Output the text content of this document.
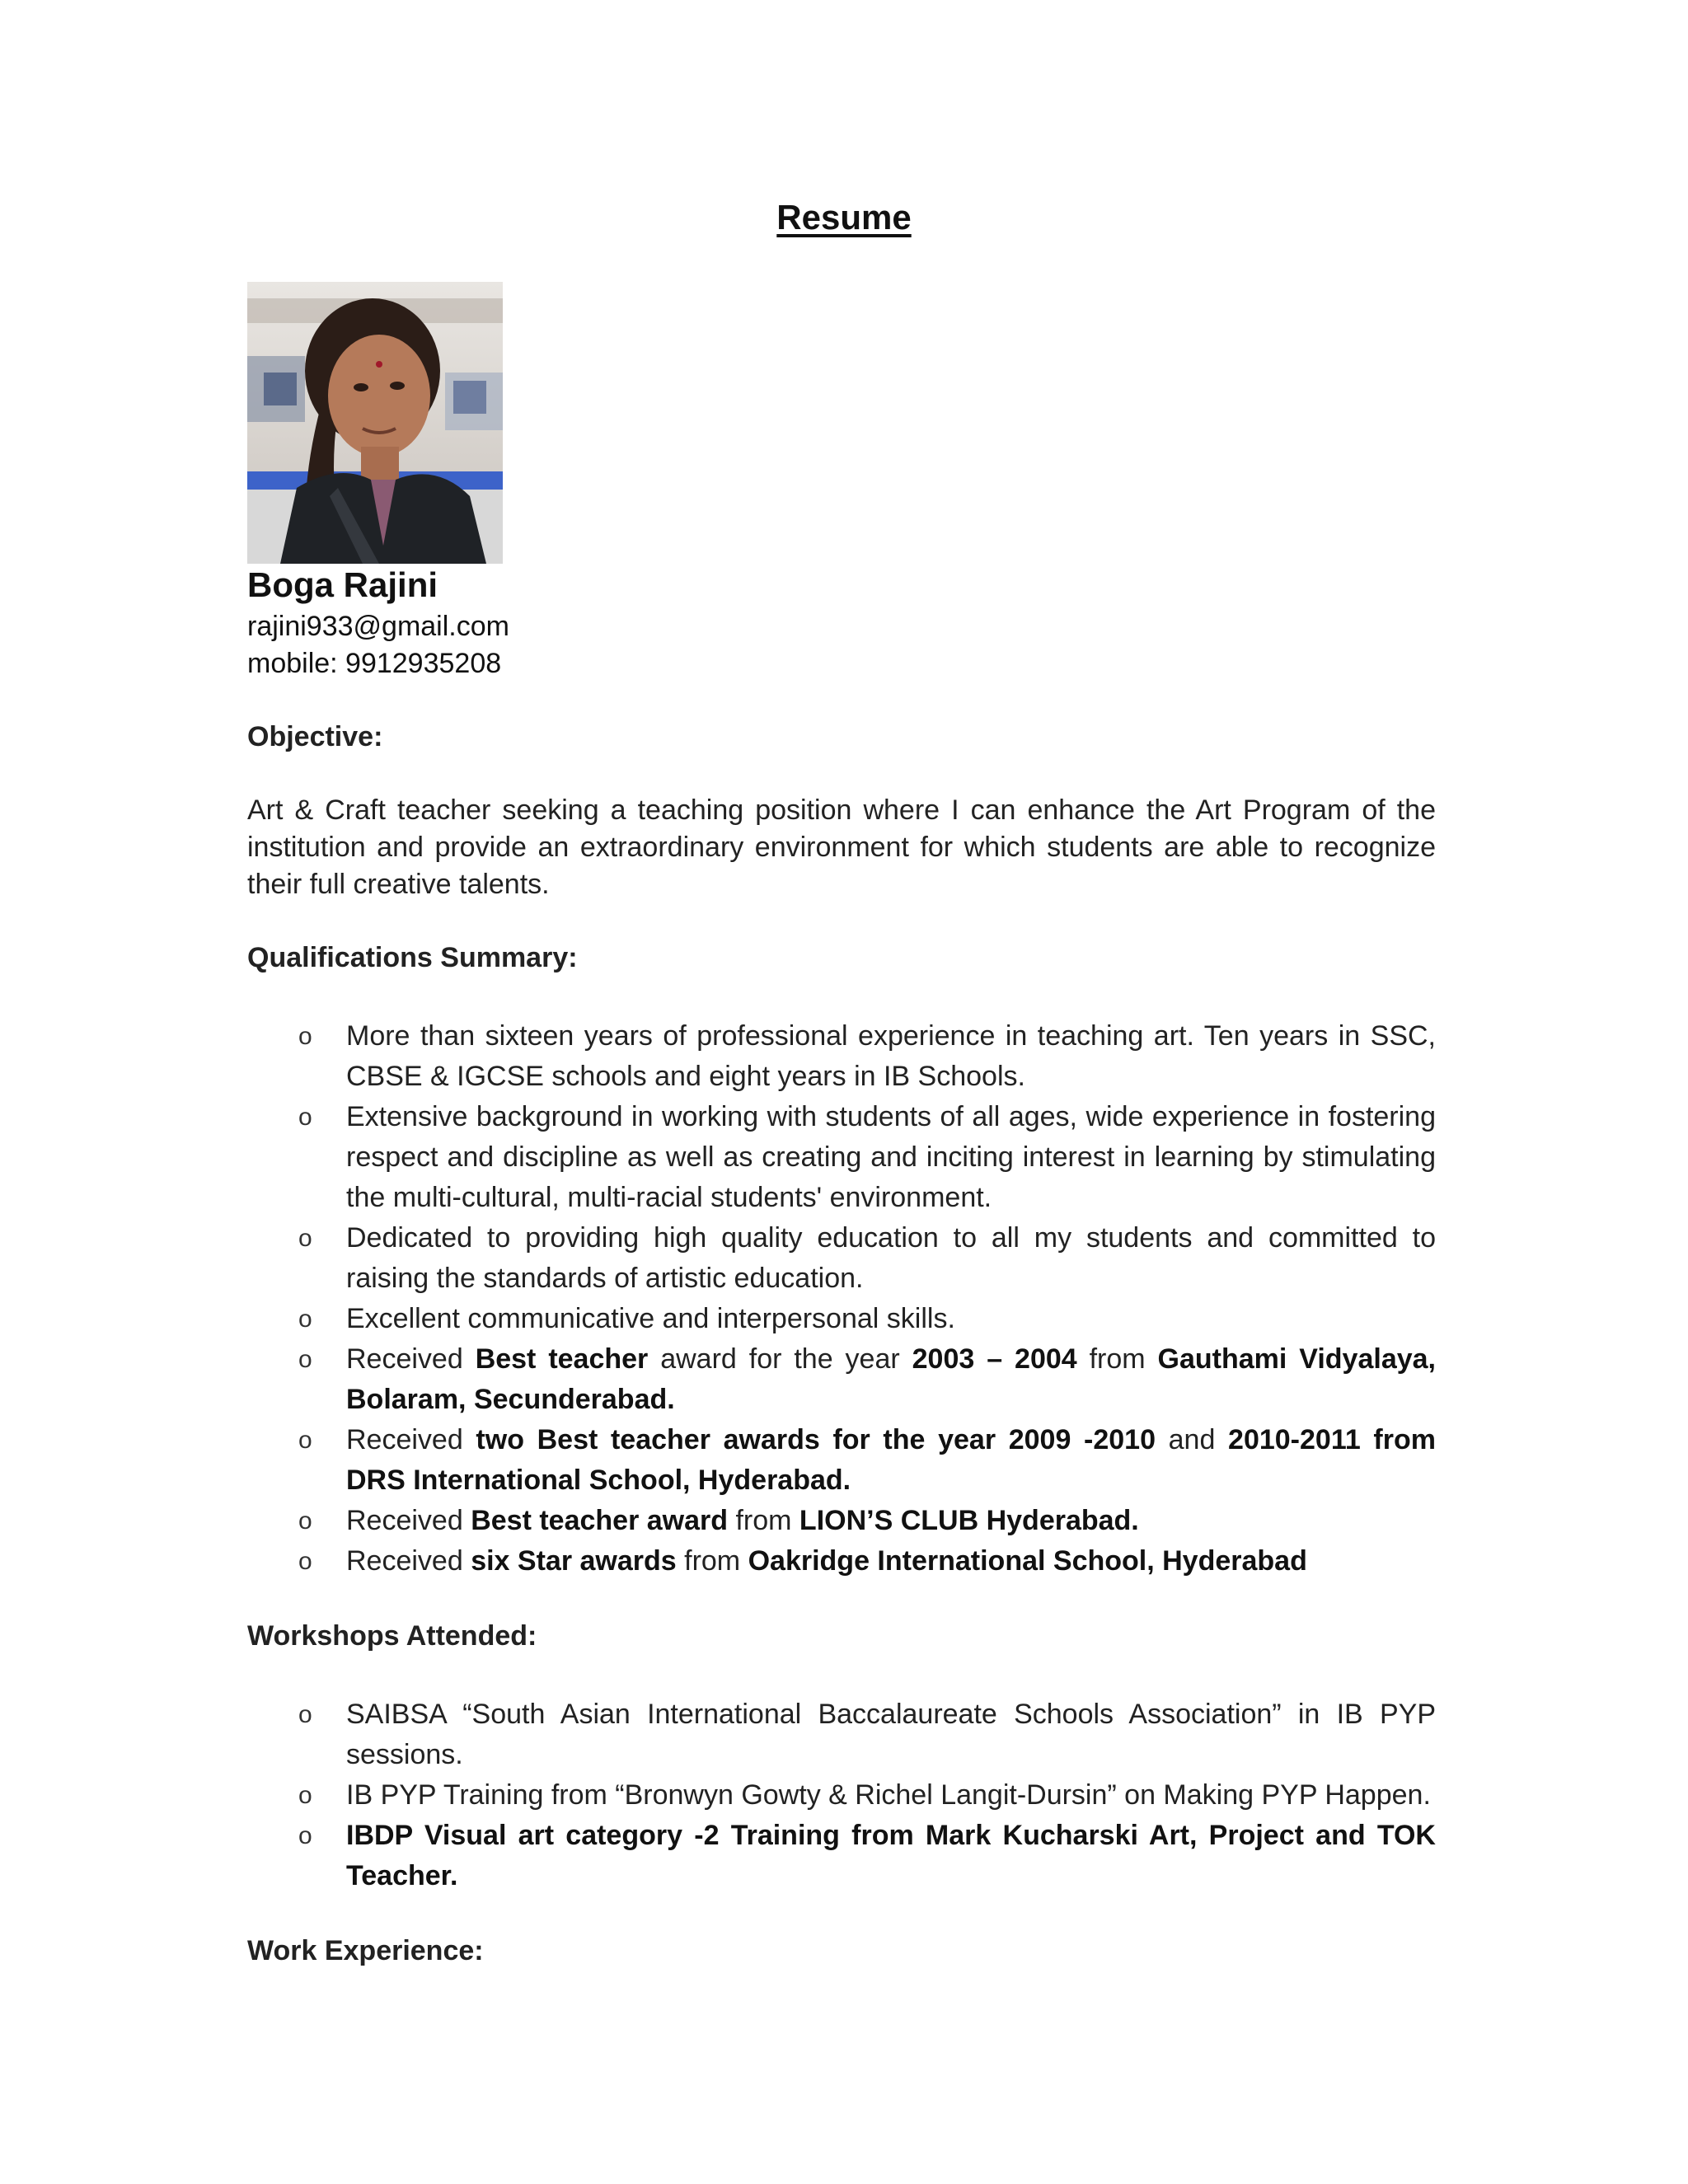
Resume
Boga Rajini
rajini933@gmail.com
mobile: 9912935208
Objective:
Art & Craft teacher seeking a teaching position where I can enhance the Art Program of the institution and provide an extraordinary environment for which students are able to recognize their full creative talents.
Qualifications Summary:
o More than sixteen years of professional experience in teaching art. Ten years in SSC, CBSE & IGCSE schools and eight years in IB Schools.
o Extensive background in working with students of all ages, wide experience in fostering respect and discipline as well as creating and inciting interest in learning by stimulating the multi-cultural, multi-racial students' environment.
o Dedicated to providing high quality education to all my students and committed to raising the standards of artistic education.
o Excellent communicative and interpersonal skills.
o Received Best teacher award for the year 2003 – 2004 from Gauthami Vidyalaya, Bolaram, Secunderabad.
o Received two Best teacher awards for the year 2009 -2010 and 2010-2011 from DRS International School, Hyderabad.
o Received Best teacher award from LION’S CLUB Hyderabad.
o Received six Star awards from Oakridge International School, Hyderabad
Workshops Attended:
o SAIBSA “South Asian International Baccalaureate Schools Association” in IB PYP sessions.
o IB PYP Training from “Bronwyn Gowty & Richel Langit-Dursin” on Making PYP Happen.
o IBDP Visual art category -2 Training from Mark Kucharski Art, Project and TOK Teacher.
Work Experience:
